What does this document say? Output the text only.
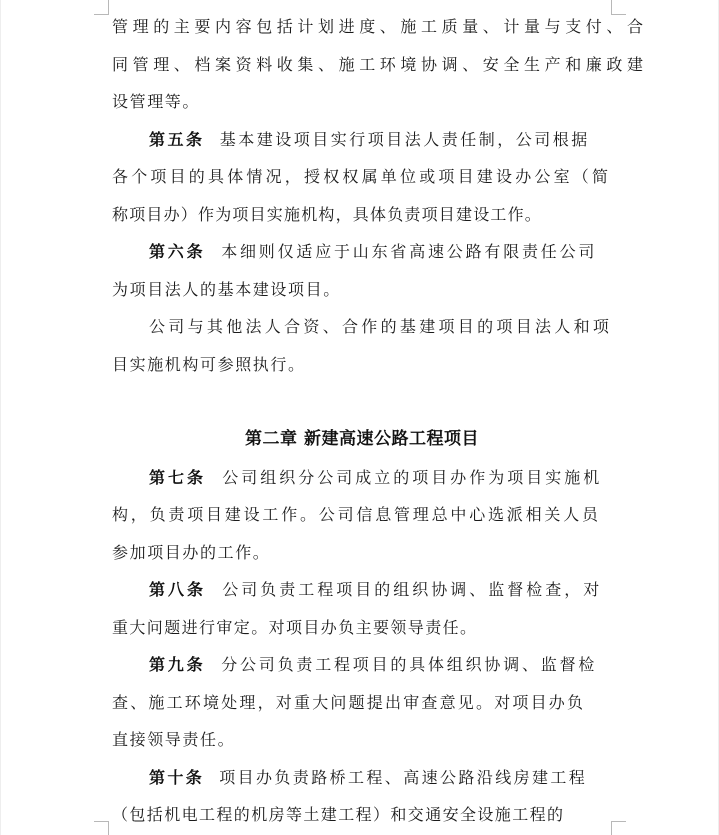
管理的主要内容包括计划进度、施工质量、计量与支付、合
同管理、档案资料收集、施工环境协调、安全生产和廉政建
设管理等。
第五条 基本建设项目实行项目法人责任制，公司根据
各个项目的具体情况，授权权属单位或项目建设办公室（简
称项目办）作为项目实施机构，具体负责项目建设工作。
第六条 本细则仅适应于山东省高速公路有限责任公司
为项目法人的基本建设项目。
公司与其他法人合资、合作的基建项目的项目法人和项
目实施机构可参照执行。
第二章 新建高速公路工程项目
第七条 公司组织分公司成立的项目办作为项目实施机
构，负责项目建设工作。公司信息管理总中心选派相关人员
参加项目办的工作。
第八条 公司负责工程项目的组织协调、监督检查，对
重大问题进行审定。对项目办负主要领导责任。
第九条 分公司负责工程项目的具体组织协调、监督检
查、施工环境处理，对重大问题提出审查意见。对项目办负
直接领导责任。
第十条 项目办负责路桥工程、高速公路沿线房建工程
（包括机电工程的机房等土建工程）和交通安全设施工程的
